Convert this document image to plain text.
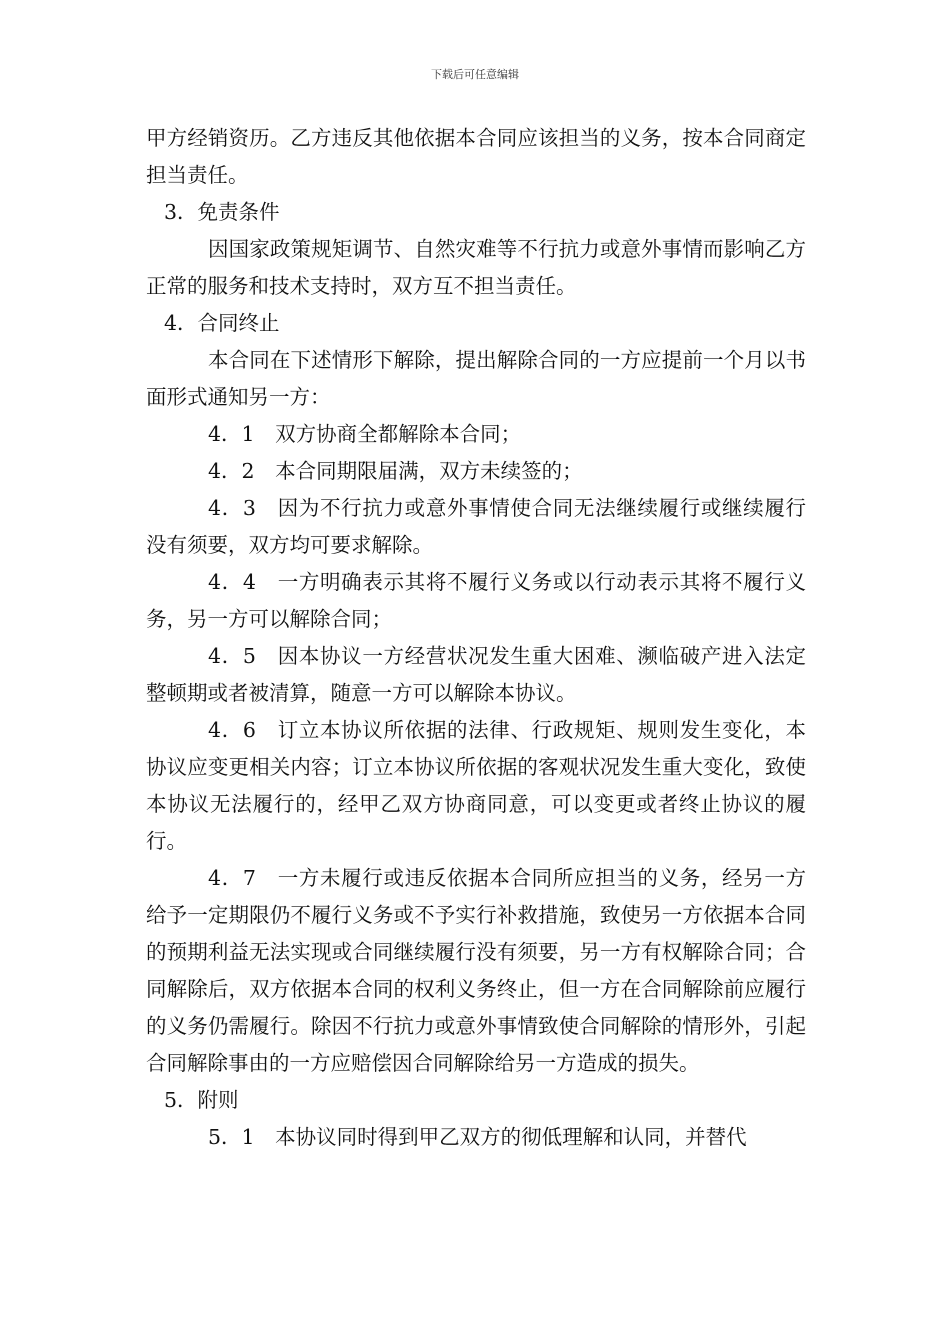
下载后可任意编辑

甲方经销资历。乙方违反其他依据本合同应该担当的义务，按本合同商定担当责任。

3．免责条件

因国家政策规矩调节、自然灾难等不行抗力或意外事情而影响乙方正常的服务和技术支持时，双方互不担当责任。

4．合同终止

本合同在下述情形下解除，提出解除合同的一方应提前一个月以书面形式通知另一方：

4．1　双方协商全都解除本合同；

4．2　本合同期限届满，双方未续签的；

4．3　因为不行抗力或意外事情使合同无法继续履行或继续履行没有须要，双方均可要求解除。

4．4　一方明确表示其将不履行义务或以行动表示其将不履行义务，另一方可以解除合同；

4．5　因本协议一方经营状况发生重大困难、濒临破产进入法定整顿期或者被清算，随意一方可以解除本协议。

4．6　订立本协议所依据的法律、行政规矩、规则发生变化，本协议应变更相关内容；订立本协议所依据的客观状况发生重大变化，致使本协议无法履行的，经甲乙双方协商同意，可以变更或者终止协议的履行。

4．7　一方未履行或违反依据本合同所应担当的义务，经另一方给予一定期限仍不履行义务或不予实行补救措施，致使另一方依据本合同的预期利益无法实现或合同继续履行没有须要，另一方有权解除合同；合同解除后，双方依据本合同的权利义务终止，但一方在合同解除前应履行的义务仍需履行。除因不行抗力或意外事情致使合同解除的情形外，引起合同解除事由的一方应赔偿因合同解除给另一方造成的损失。

5．附则

5．1　本协议同时得到甲乙双方的彻低理解和认同，并替代
